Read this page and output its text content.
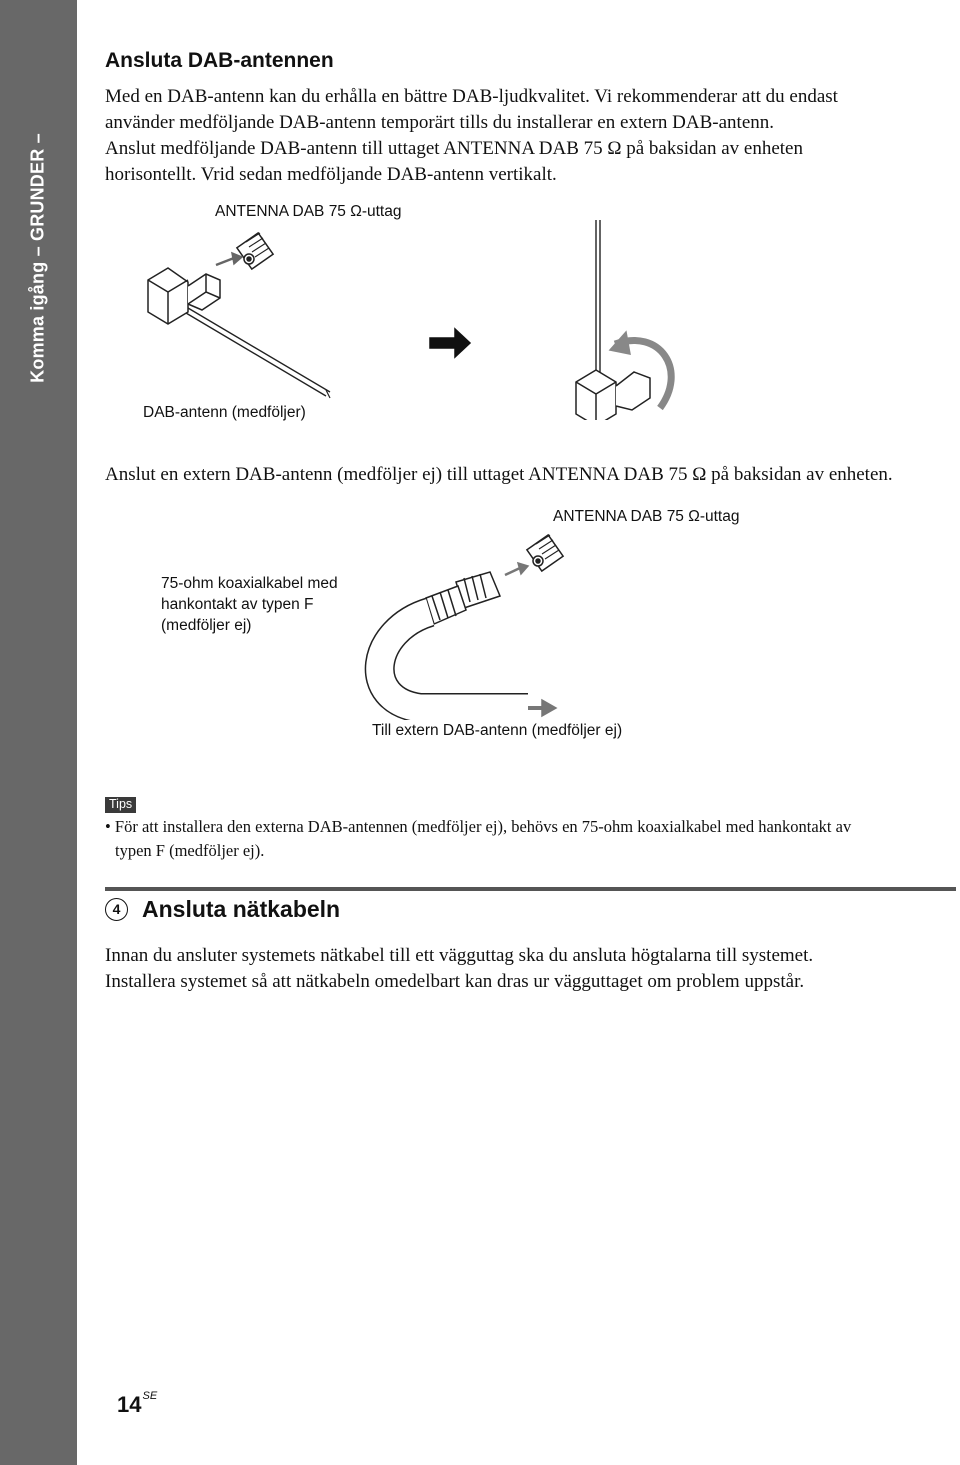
Komma igång – GRUNDER –
Ansluta DAB-antennen
Med en DAB-antenn kan du erhålla en bättre DAB-ljudkvalitet. Vi rekommenderar att du endast
använder medföljande DAB-antenn temporärt tills du installerar en extern DAB-antenn.
Anslut medföljande DAB-antenn till uttaget ANTENNA DAB 75 Ω på baksidan av enheten
horisontellt. Vrid sedan medföljande DAB-antenn vertikalt.
ANTENNA DAB 75 Ω-uttag
DAB-antenn (medföljer)
Anslut en extern DAB-antenn (medföljer ej) till uttaget ANTENNA DAB 75 Ω på baksidan av enheten.
ANTENNA DAB 75 Ω-uttag
75-ohm koaxialkabel med
hankontakt av typen F
(medföljer ej)
Till extern DAB-antenn (medföljer ej)
Tips
• För att installera den externa DAB-antennen (medföljer ej), behövs en 75-ohm koaxialkabel med hankontakt av
typen F (medföljer ej).
4 Ansluta nätkabeln
Innan du ansluter systemets nätkabel till ett vägguttag ska du ansluta högtalarna till systemet.
Installera systemet så att nätkabeln omedelbart kan dras ur vägguttaget om problem uppstår.
$14^{SE}$
